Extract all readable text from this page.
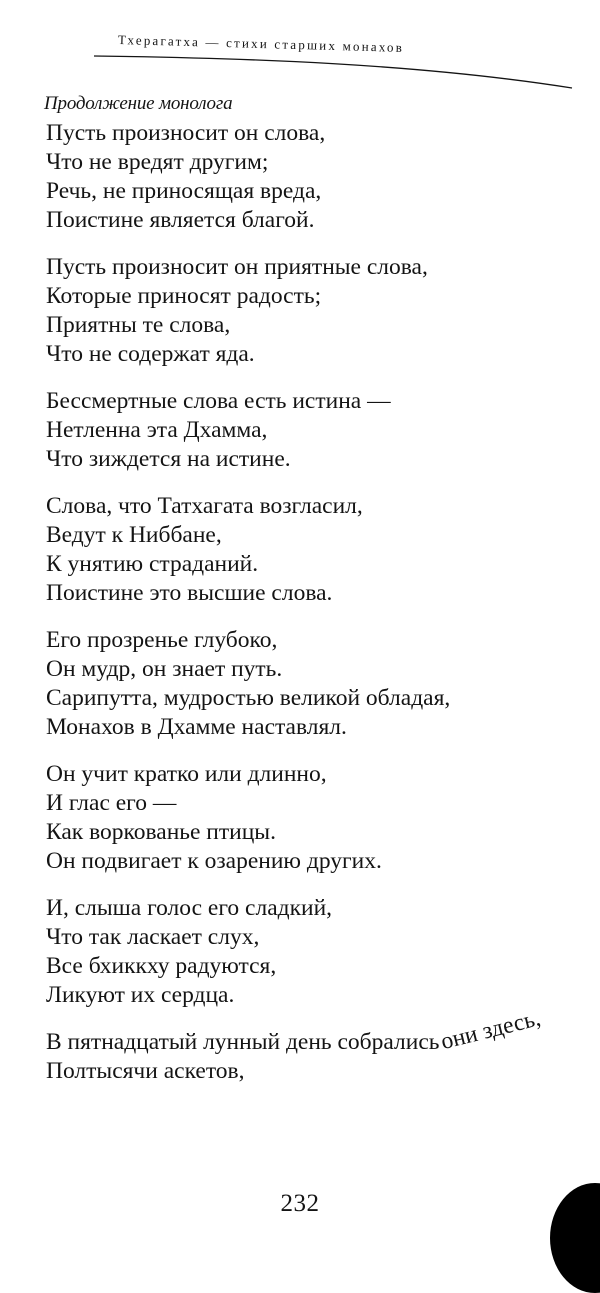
Тхерагатха — стихи старших монахов
Продолжение монолога
Пусть произносит он слова,
Что не вредят другим;
Речь, не приносящая вреда,
Поистине является благой.
Пусть произносит он приятные слова,
Которые приносят радость;
Приятны те слова,
Что не содержат яда.
Бессмертные слова есть истина —
Нетленна эта Дхамма,
Что зиждется на истине.
Слова, что Татхагата возгласил,
Ведут к Ниббане,
К унятию страданий.
Поистине это высшие слова.
Его прозренье глубоко,
Он мудр, он знает путь.
Сарипутта, мудростью великой обладая,
Монахов в Дхамме наставлял.
Он учит кратко или длинно,
И глас его —
Как воркованье птицы.
Он подвигает к озарению других.
И, слыша голос его сладкий,
Что так ласкает слух,
Все бхиккху радуются,
Ликуют их сердца.
В пятнадцатый лунный день собралисьони здесь,
Полтысячи аскетов,
232
